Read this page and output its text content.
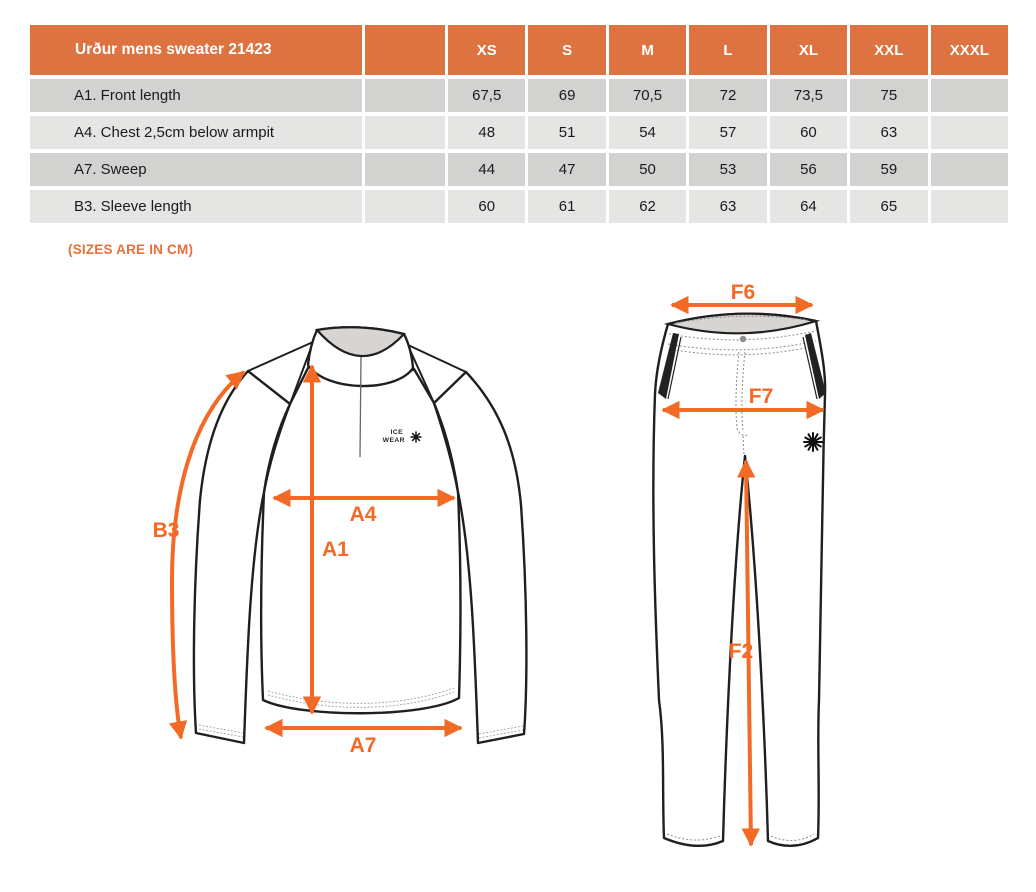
Urður mens sweater 21423	XS	S	M	L	XL	XXL	XXXL
A1. Front length	67,5	69	70,5	72	73,5	75
A4. Chest 2,5cm below armpit	48	51	54	57	60	63
A7. Sweep	44	47	50	53	56	59
B3. Sleeve length	60	61	62	63	64	65
(SIZES ARE IN CM)
ICE
WEAR
B3
A1
A4
A7
F6
F7
F2
